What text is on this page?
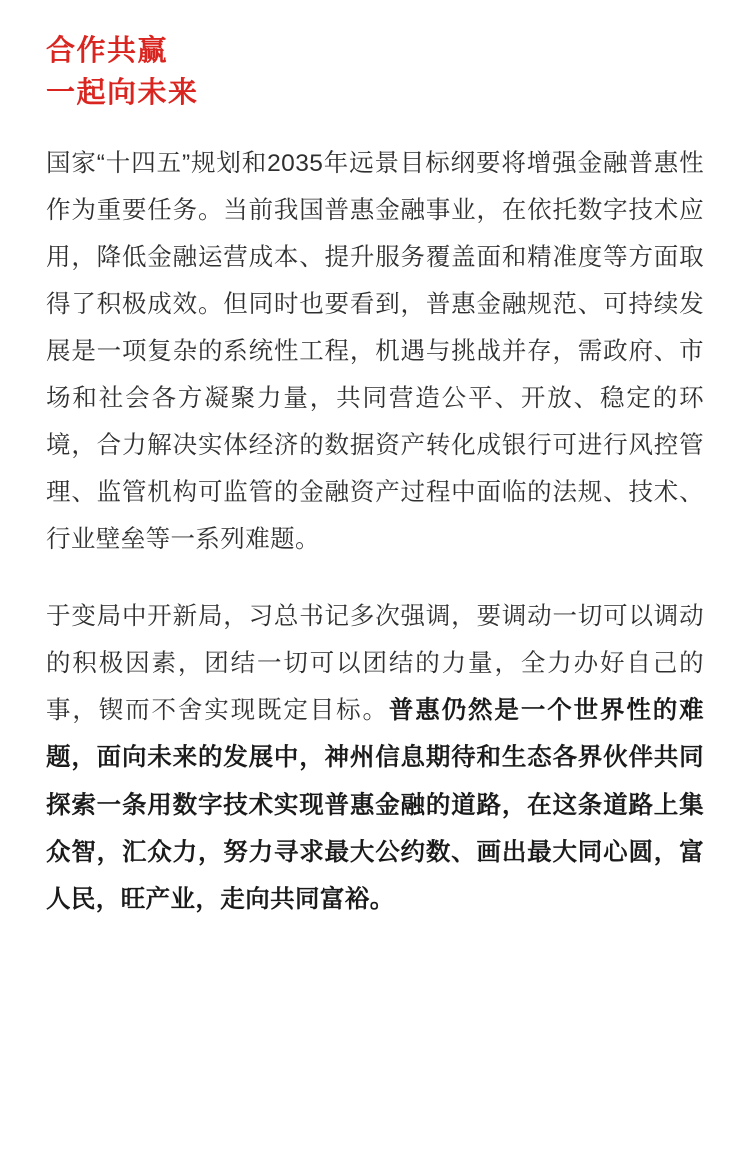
合作共赢
一起向未来

国家“十四五”规划和2035年远景目标纲要将增强金融普惠性作为重要任务。当前我国普惠金融事业，在依托数字技术应用，降低金融运营成本、提升服务覆盖面和精准度等方面取得了积极成效。但同时也要看到，普惠金融规范、可持续发展是一项复杂的系统性工程，机遇与挑战并存，需政府、市场和社会各方凝聚力量，共同营造公平、开放、稳定的环境，合力解决实体经济的数据资产转化成银行可进行风控管理、监管机构可监管的金融资产过程中面临的法规、技术、行业壁垒等一系列难题。

于变局中开新局，习总书记多次强调，要调动一切可以调动的积极因素，团结一切可以团结的力量，全力办好自己的事，锲而不舍实现既定目标。普惠仍然是一个世界性的难题，面向未来的发展中，神州信息期待和生态各界伙伴共同探索一条用数字技术实现普惠金融的道路，在这条道路上集众智，汇众力，努力寻求最大公约数、画出最大同心圆，富人民，旺产业，走向共同富裕。
